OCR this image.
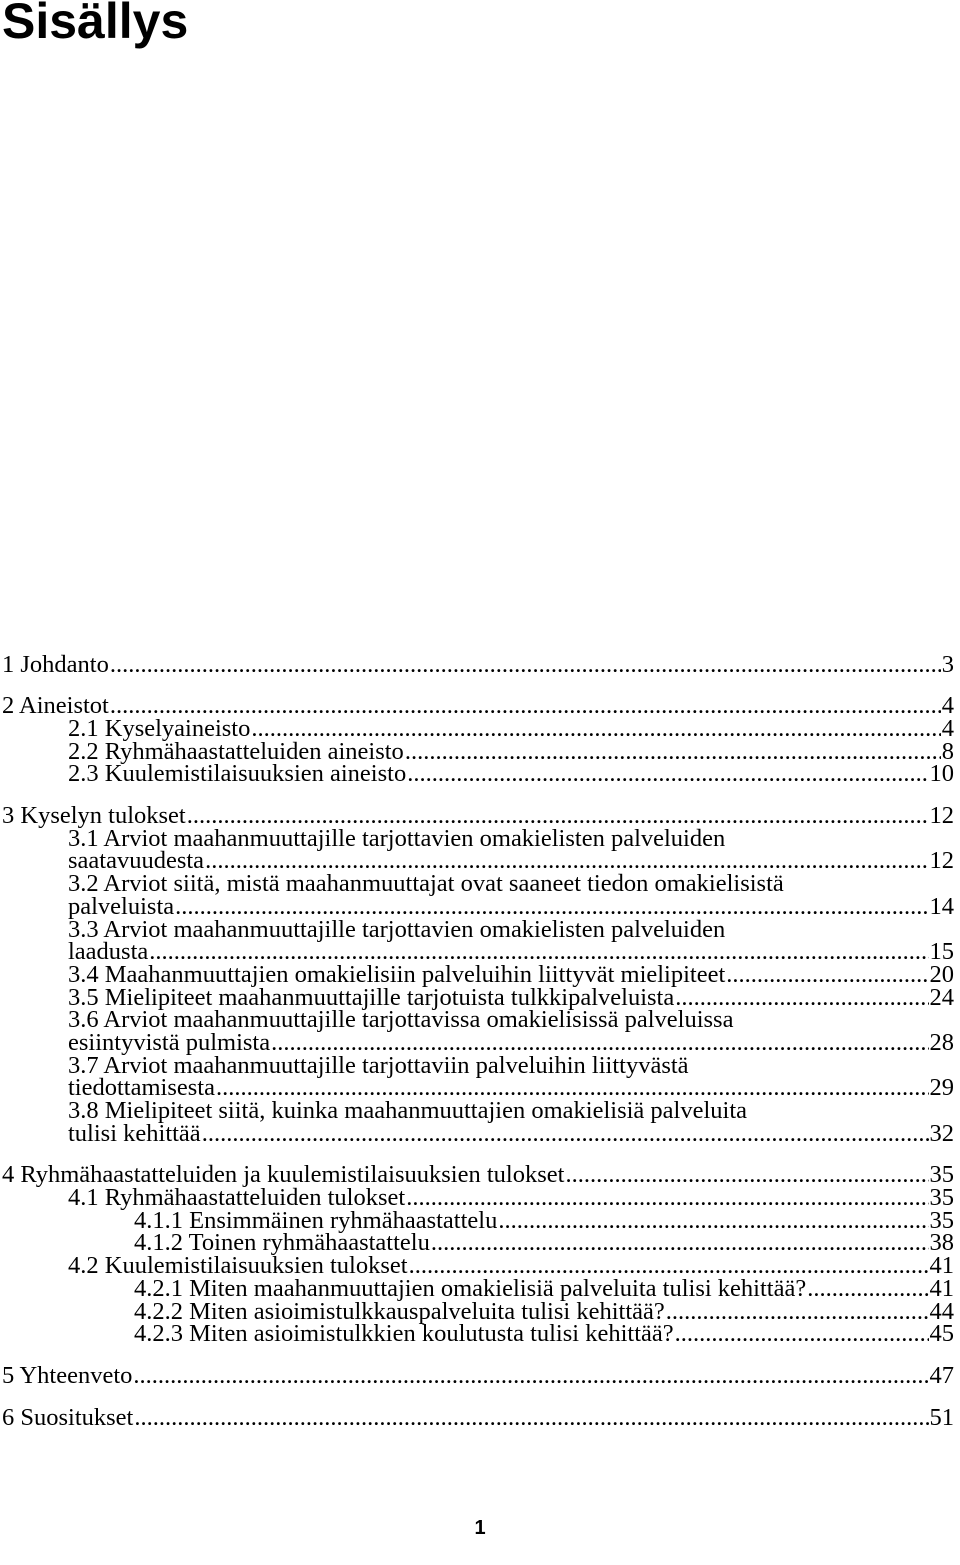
Sisällys
1 Johdanto .....	3
2 Aineistot .....	4
2.1 Kyselyaineisto .....	4
2.2 Ryhmähaastatteluiden aineisto .....	8
2.3 Kuulemistilaisuuksien aineisto .....	10
3 Kyselyn tulokset .....	12
3.1 Arviot maahanmuuttajille tarjottavien omakielisten palveluiden
saatavuudesta .....	12
3.2 Arviot siitä, mistä maahanmuuttajat ovat saaneet tiedon omakielisistä
palveluista .....	14
3.3 Arviot maahanmuuttajille tarjottavien omakielisten palveluiden
laadusta .....	15
3.4 Maahanmuuttajien omakielisiin palveluihin liittyvät mielipiteet .....	20
3.5 Mielipiteet maahanmuuttajille tarjotuista tulkkipalveluista .....	24
3.6 Arviot maahanmuuttajille tarjottavissa omakielisissä palveluissa
esiintyvistä pulmista .....	28
3.7 Arviot maahanmuuttajille tarjottaviin palveluihin liittyvästä
tiedottamisesta .....	29
3.8 Mielipiteet siitä, kuinka maahanmuuttajien omakielisiä palveluita
tulisi kehittää .....	32
4 Ryhmähaastatteluiden ja kuulemistilaisuuksien tulokset .....	35
4.1 Ryhmähaastatteluiden tulokset .....	35
4.1.1 Ensimmäinen ryhmähaastattelu .....	35
4.1.2 Toinen ryhmähaastattelu .....	38
4.2 Kuulemistilaisuuksien tulokset .....	41
4.2.1 Miten maahanmuuttajien omakielisiä palveluita tulisi kehittää? .....	41
4.2.2 Miten asioimistulkkauspalveluita tulisi kehittää? .....	44
4.2.3 Miten asioimistulkkien koulutusta tulisi kehittää? .....	45
5 Yhteenveto .....	47
6 Suositukset .....	51
1
